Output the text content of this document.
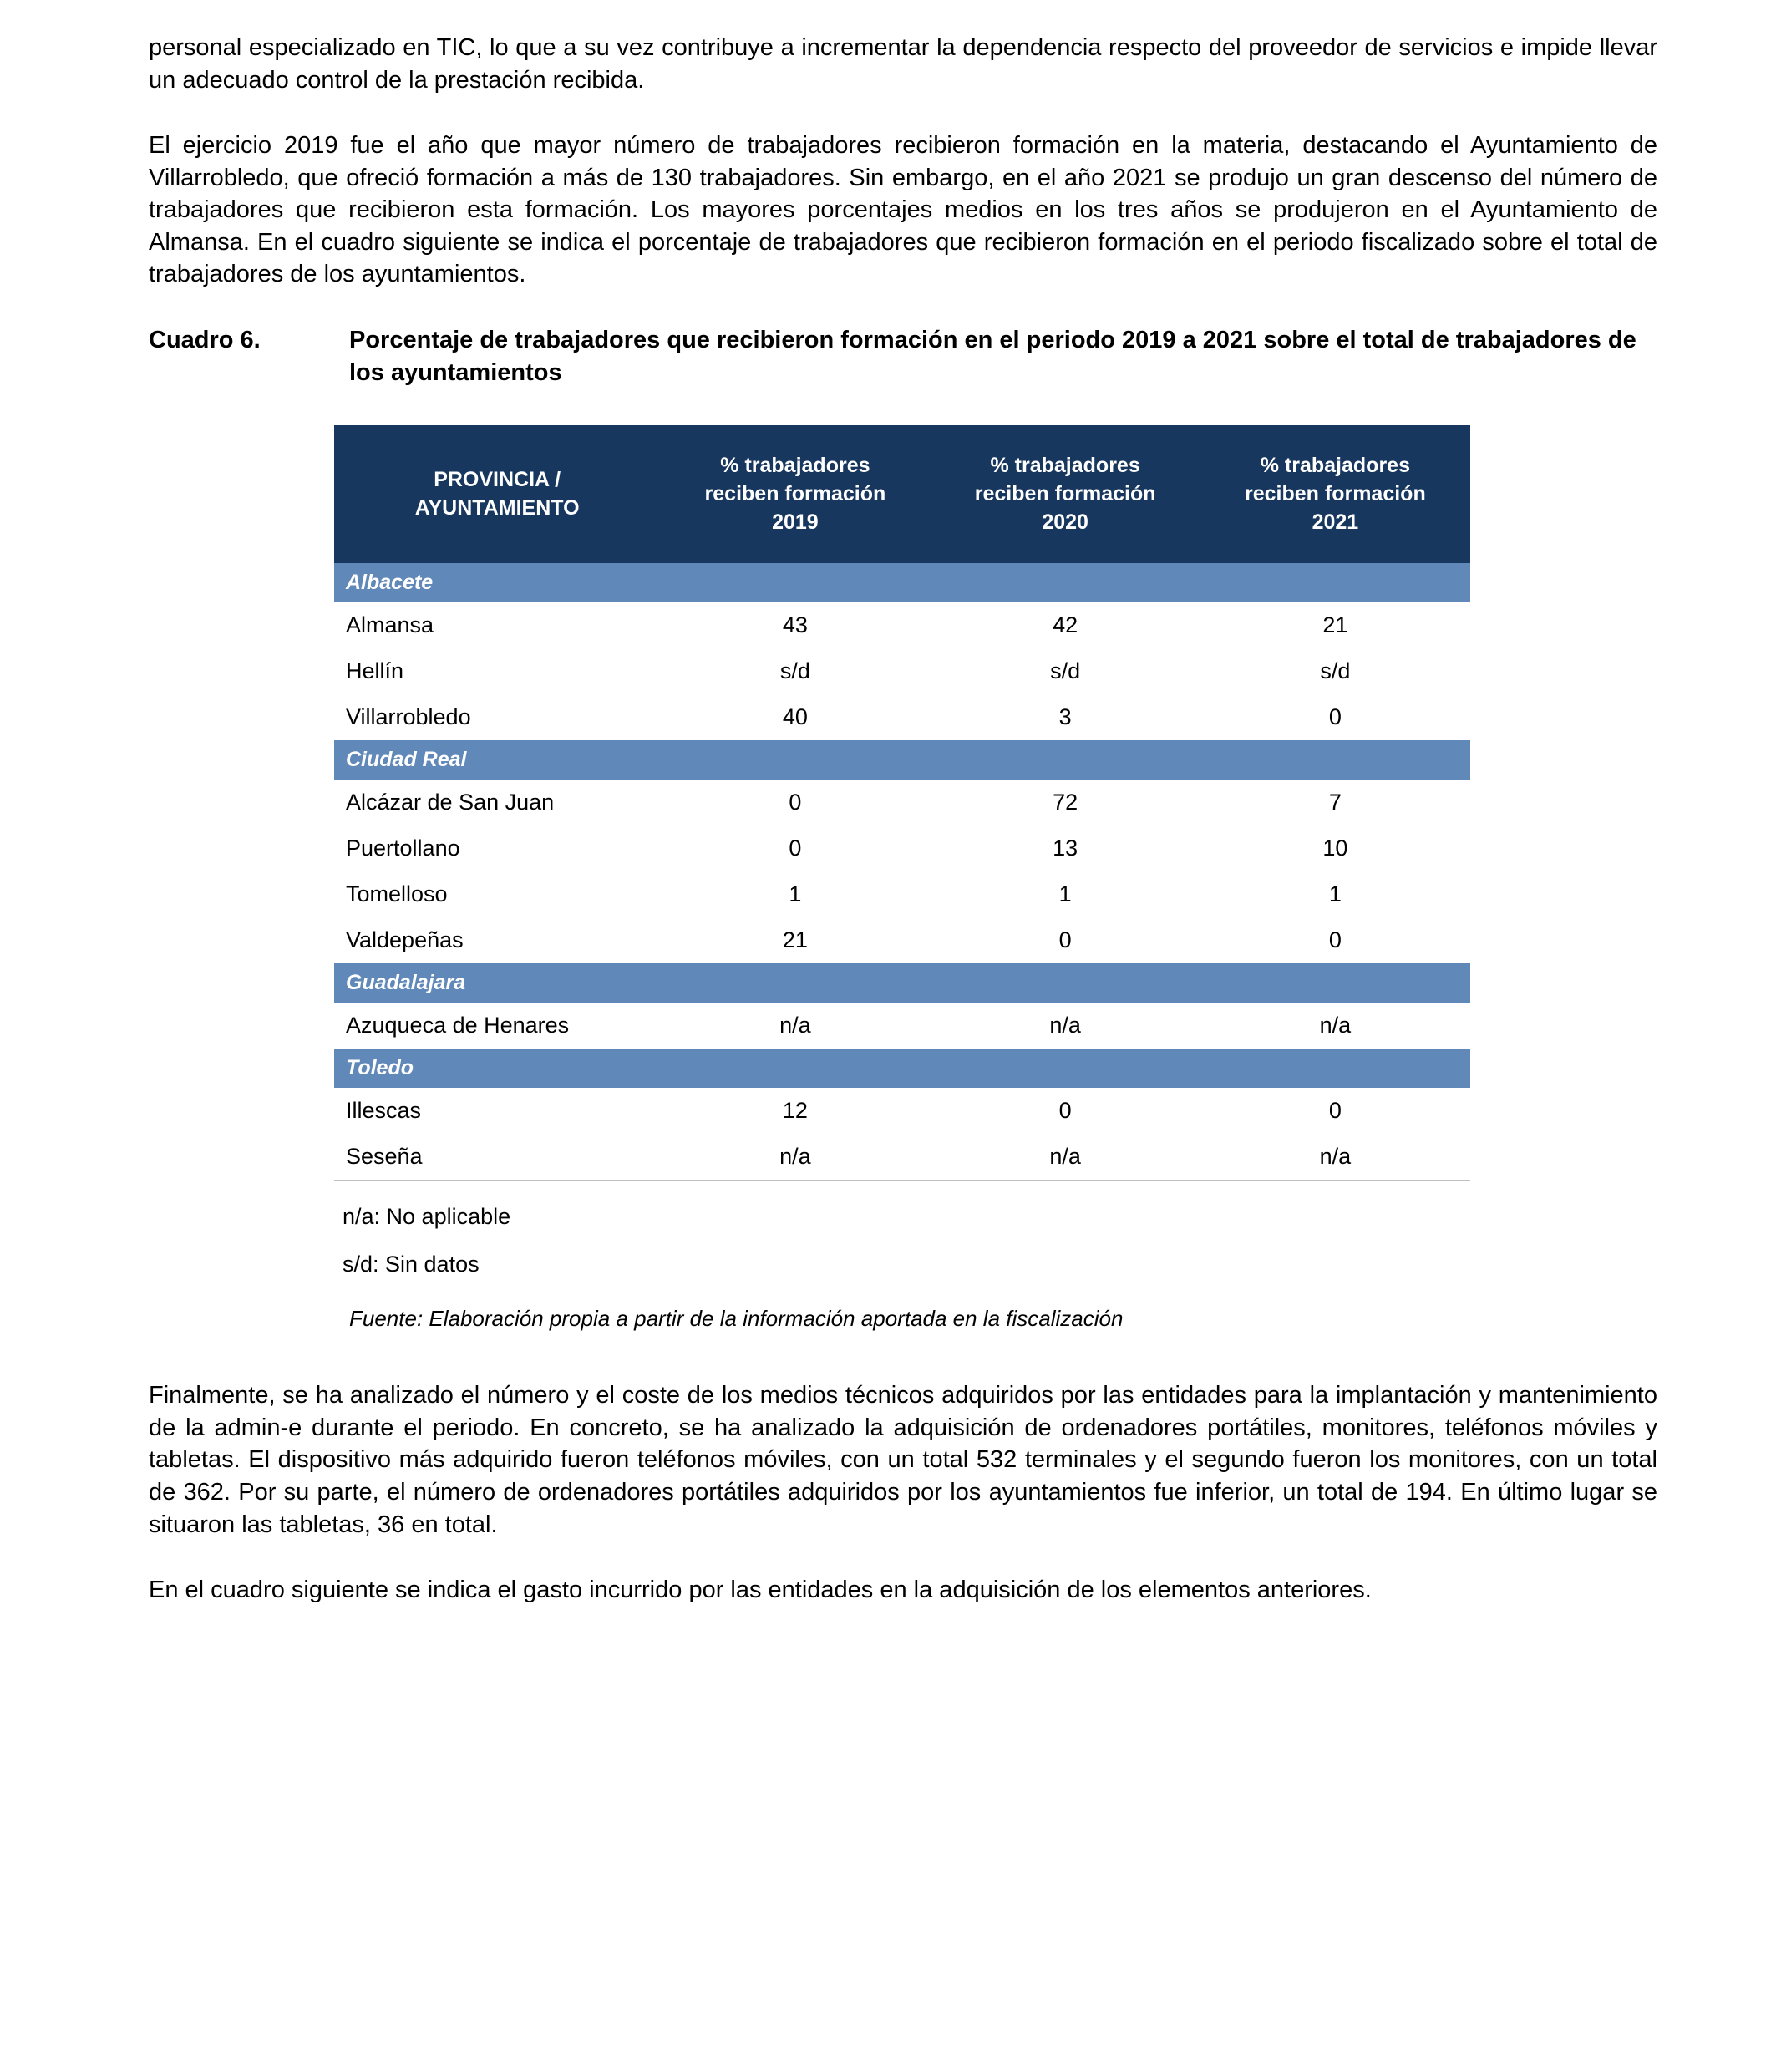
personal especializado en TIC, lo que a su vez contribuye a incrementar la dependencia respecto del proveedor de servicios e impide llevar un adecuado control de la prestación recibida.

El ejercicio 2019 fue el año que mayor número de trabajadores recibieron formación en la materia, destacando el Ayuntamiento de Villarrobledo, que ofreció formación a más de 130 trabajadores. Sin embargo, en el año 2021 se produjo un gran descenso del número de trabajadores que recibieron esta formación. Los mayores porcentajes medios en los tres años se produjeron en el Ayuntamiento de Almansa. En el cuadro siguiente se indica el porcentaje de trabajadores que recibieron formación en el periodo fiscalizado sobre el total de trabajadores de los ayuntamientos.

Cuadro 6.	Porcentaje de trabajadores que recibieron formación en el periodo 2019 a 2021 sobre el total de trabajadores de los ayuntamientos
PROVINCIA / AYUNTAMIENTO	% trabajadores reciben formación 2019	% trabajadores reciben formación 2020	% trabajadores reciben formación 2021
Albacete			
Almansa	43	42	21
Hellín	s/d	s/d	s/d
Villarrobledo	40	3	0
Ciudad Real			
Alcázar de San Juan	0	72	7
Puertollano	0	13	10
Tomelloso	1	1	1
Valdepeñas	21	0	0
Guadalajara			
Azuqueca de Henares	n/a	n/a	n/a
Toledo			
Illescas	12	0	0
Seseña	n/a	n/a	n/a
n/a: No aplicable
s/d: Sin datos
Fuente: Elaboración propia a partir de la información aportada en la fiscalización

Finalmente, se ha analizado el número y el coste de los medios técnicos adquiridos por las entidades para la implantación y mantenimiento de la admin-e durante el periodo. En concreto, se ha analizado la adquisición de ordenadores portátiles, monitores, teléfonos móviles y tabletas. El dispositivo más adquirido fueron teléfonos móviles, con un total 532 terminales y el segundo fueron los monitores, con un total de 362. Por su parte, el número de ordenadores portátiles adquiridos por los ayuntamientos fue inferior, un total de 194. En último lugar se situaron las tabletas, 36 en total.

En el cuadro siguiente se indica el gasto incurrido por las entidades en la adquisición de los elementos anteriores.
